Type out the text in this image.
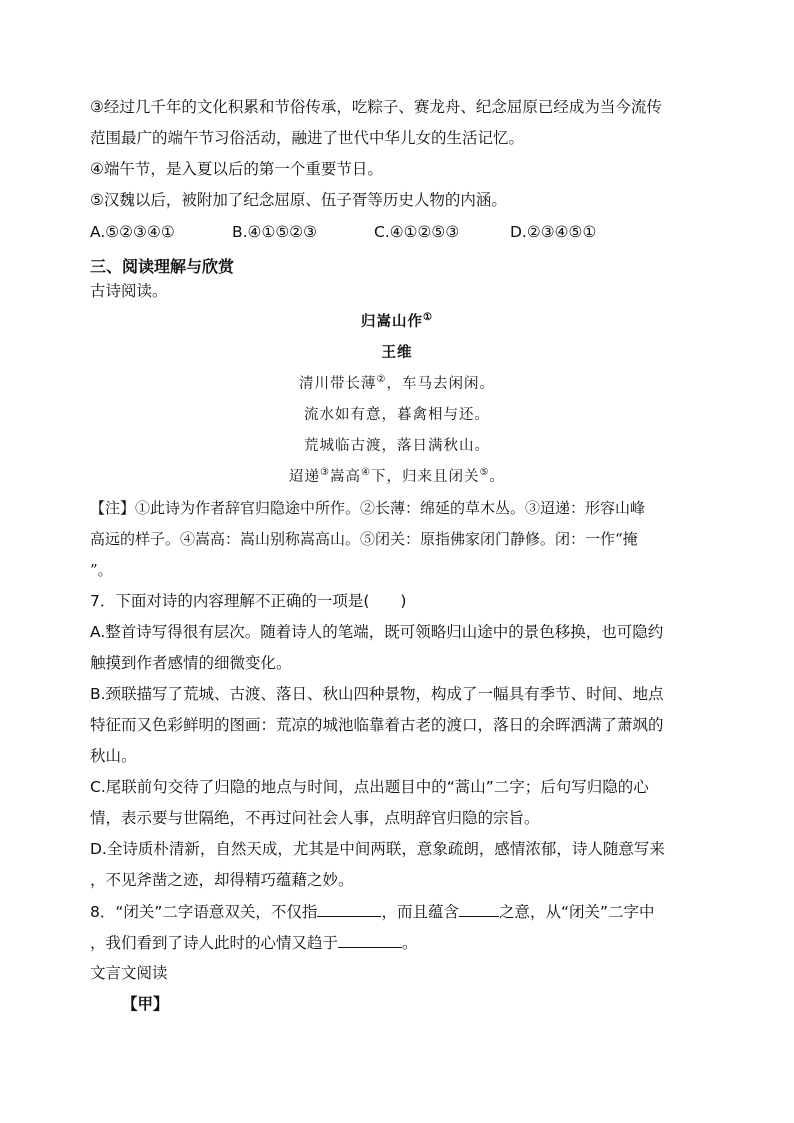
③经过几千年的文化积累和节俗传承，吃粽子、赛龙舟、纪念屈原已经成为当今流传
范围最广的端午节习俗活动，融进了世代中华儿女的生活记忆。
④端午节，是入夏以后的第一个重要节日。
⑤汉魏以后，被附加了纪念屈原、伍子胥等历史人物的内涵。
A.⑤②③④①	B.④①⑤②③	C.④①②⑤③	D.②③④⑤①
三、阅读理解与欣赏
古诗阅读。
归嵩山作①
王维
清川带长薄②，车马去闲闲。
流水如有意，暮禽相与还。
荒城临古渡，落日满秋山。
迢递③嵩高④下，归来且闭关⑤。
【注】①此诗为作者辞官归隐途中所作。②长薄：绵延的草木丛。③迢递：形容山峰
高远的样子。④嵩高：嵩山别称嵩高山。⑤闭关：原指佛家闭门静修。闭：一作“掩
”。
7．下面对诗的内容理解不正确的一项是(　　)
A.整首诗写得很有层次。随着诗人的笔端，既可领略归山途中的景色移换，也可隐约
触摸到作者感情的细微变化。
B.颈联描写了荒城、古渡、落日、秋山四种景物，构成了一幅具有季节、时间、地点
特征而又色彩鲜明的图画：荒凉的城池临靠着古老的渡口，落日的余晖洒满了萧飒的
秋山。
C.尾联前句交待了归隐的地点与时间，点出题目中的“蒿山”二字；后句写归隐的心
情，表示要与世隔绝，不再过问社会人事，点明辞官归隐的宗旨。
D.全诗质朴清新，自然天成，尤其是中间两联，意象疏朗，感情浓郁，诗人随意写来
，不见斧凿之迹，却得精巧蕴藉之妙。
8．“闭关”二字语意双关，不仅指	，而且蕴含	之意，从“闭关”二字中
，我们看到了诗人此时的心情又趋于	。
文言文阅读
【甲】
